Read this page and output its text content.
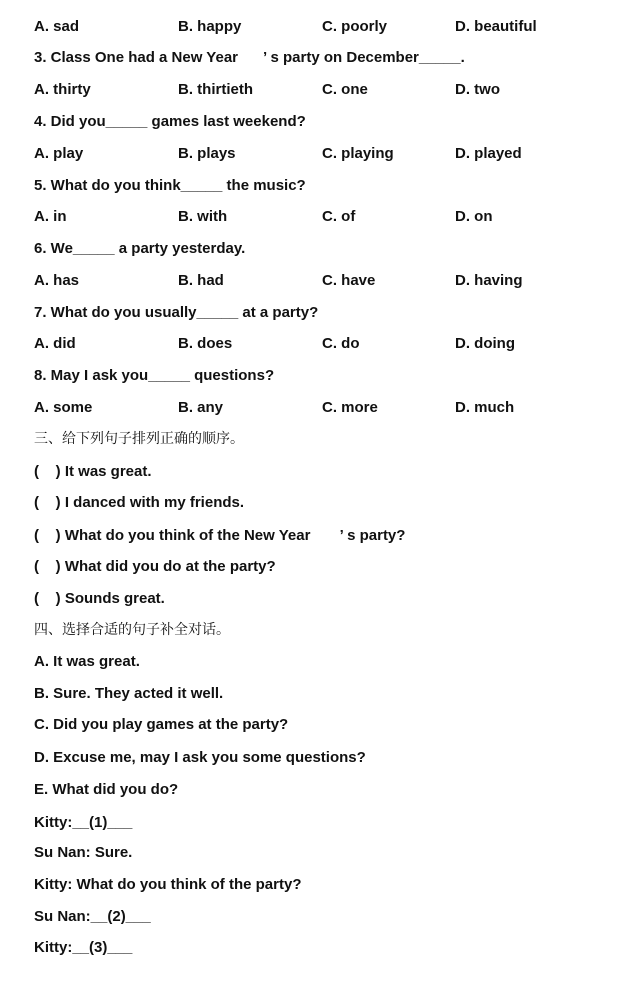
A. sad	B. happy	C. poorly	D. beautiful
3. Class One had a New Year      ’ s party on December_____.
A. thirty	B. thirtieth	C. one	D. two
4. Did you_____ games last weekend?
A. play	B. plays	C. playing	D. played
5. What do you think_____ the music?
A. in	B. with	C. of	D. on
6. We_____ a party yesterday.
A. has	B. had	C. have	D. having
7. What do you usually_____ at a party?
A. did	B. does	C. do	D. doing
8. May I ask you_____ questions?
A. some	B. any	C. more	D. much
三、给下列句子排列正确的顺序。
(    ) It was great.
(    ) I danced with my friends.
(    ) What do you think of the New Year       ’ s party?
(    ) What did you do at the party?
(    ) Sounds great.
四、选择合适的句子补全对话。
A. It was great.
B. Sure. They acted it well.
C. Did you play games at the party?
D. Excuse me, may I ask you some questions?
E. What did you do?
Kitty:__(1)___
Su Nan: Sure.
Kitty: What do you think of the party?
Su Nan:__(2)___
Kitty:__(3)___
